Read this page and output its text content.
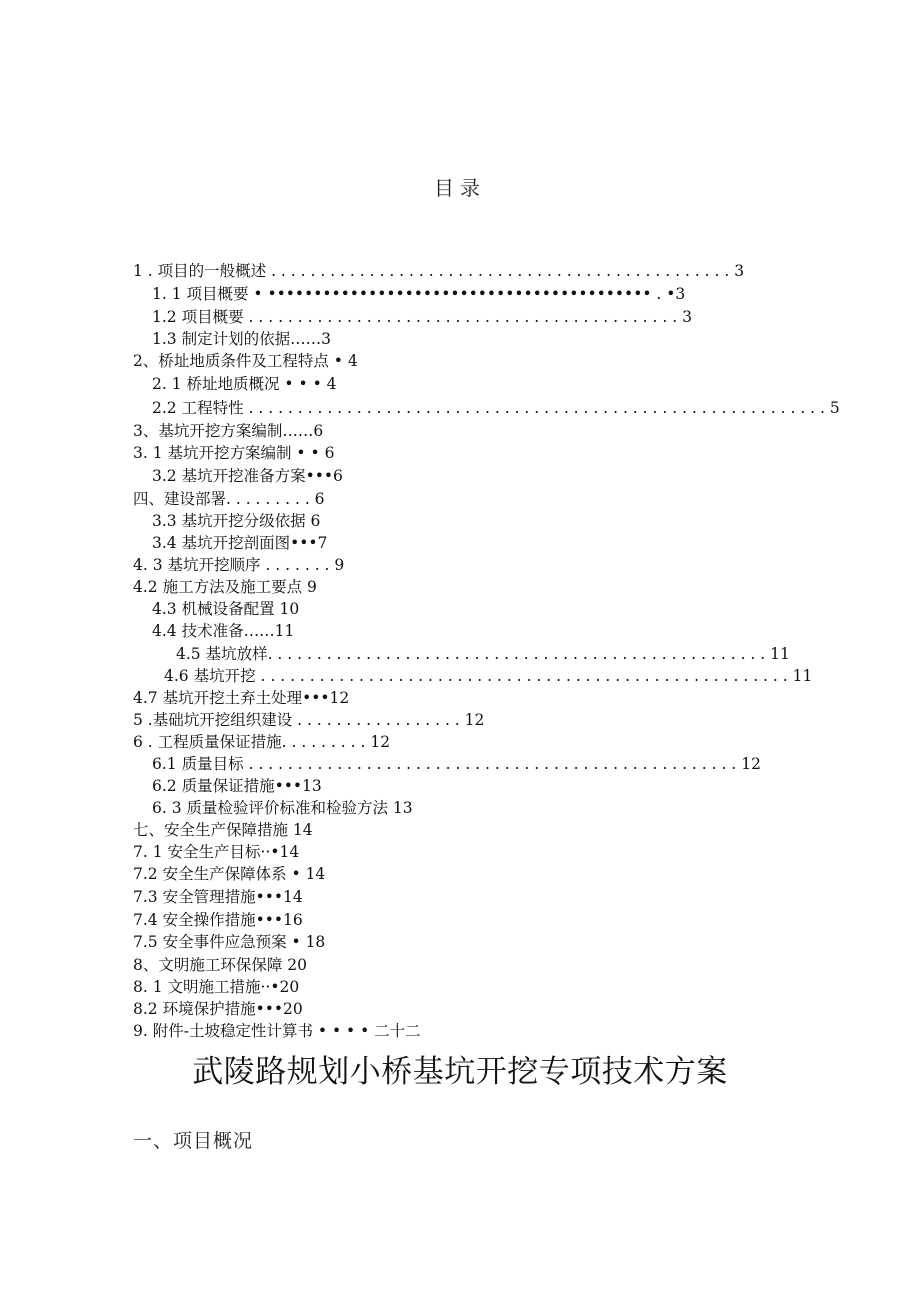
目录
1 . 项目的一般概述 . . . . . . . . . . . . . . . . . . . . . . . . . . . . . . . . . . . . . . . . . . . . . . . 3
1. 1 项目概要 • •••••••••••••••••••••••••••••••••••••••••• . •3
1.2 项目概要 . . . . . . . . . . . . . . . . . . . . . . . . . . . . . . . . . . . . . . . . . . . . 3
1.3 制定计划的依据……3
2、桥址地质条件及工程特点 • 4
2. 1 桥址地质概况 • • • 4
2.2 工程特性 . . . . . . . . . . . . . . . . . . . . . . . . . . . . . . . . . . . . . . . . . . . . . . . . . . . . . . . . . . . 5
3、基坑开挖方案编制……6
3. 1 基坑开挖方案编制 • • 6
3.2 基坑开挖准备方案•••6
四、建设部署. . . . . . . . . 6
3.3 基坑开挖分级依据 6
3.4 基坑开挖剖面图•••7
4. 3 基坑开挖顺序 . . . . . . . 9
4.2 施工方法及施工要点 9
4.3 机械设备配置 10
4.4 技术准备……11
4.5 基坑放样. . . . . . . . . . . . . . . . . . . . . . . . . . . . . . . . . . . . . . . . . . . . . . . . . . . 11
4.6 基坑开挖 . . . . . . . . . . . . . . . . . . . . . . . . . . . . . . . . . . . . . . . . . . . . . . . . . . . . . . 11
4.7 基坑开挖土弃土处理•••12
5 .基础坑开挖组织建设 . . . . . . . . . . . . . . . . . 12
6 . 工程质量保证措施. . . . . . . . . 12
6.1 质量目标 . . . . . . . . . . . . . . . . . . . . . . . . . . . . . . . . . . . . . . . . . . . . . . . . . . 12
6.2 质量保证措施•••13
6. 3 质量检验评价标准和检验方法 13
七、安全生产保障措施 14
7. 1 安全生产目标··•14
7.2 安全生产保障体系 • 14
7.3 安全管理措施•••14
7.4 安全操作措施•••16
7.5 安全事件应急预案 • 18
8、文明施工环保保障 20
8. 1 文明施工措施··•20
8.2 环境保护措施•••20
9. 附件-土坡稳定性计算书 • • • • 二十二
武陵路规划小桥基坑开挖专项技术方案
一、项目概况
